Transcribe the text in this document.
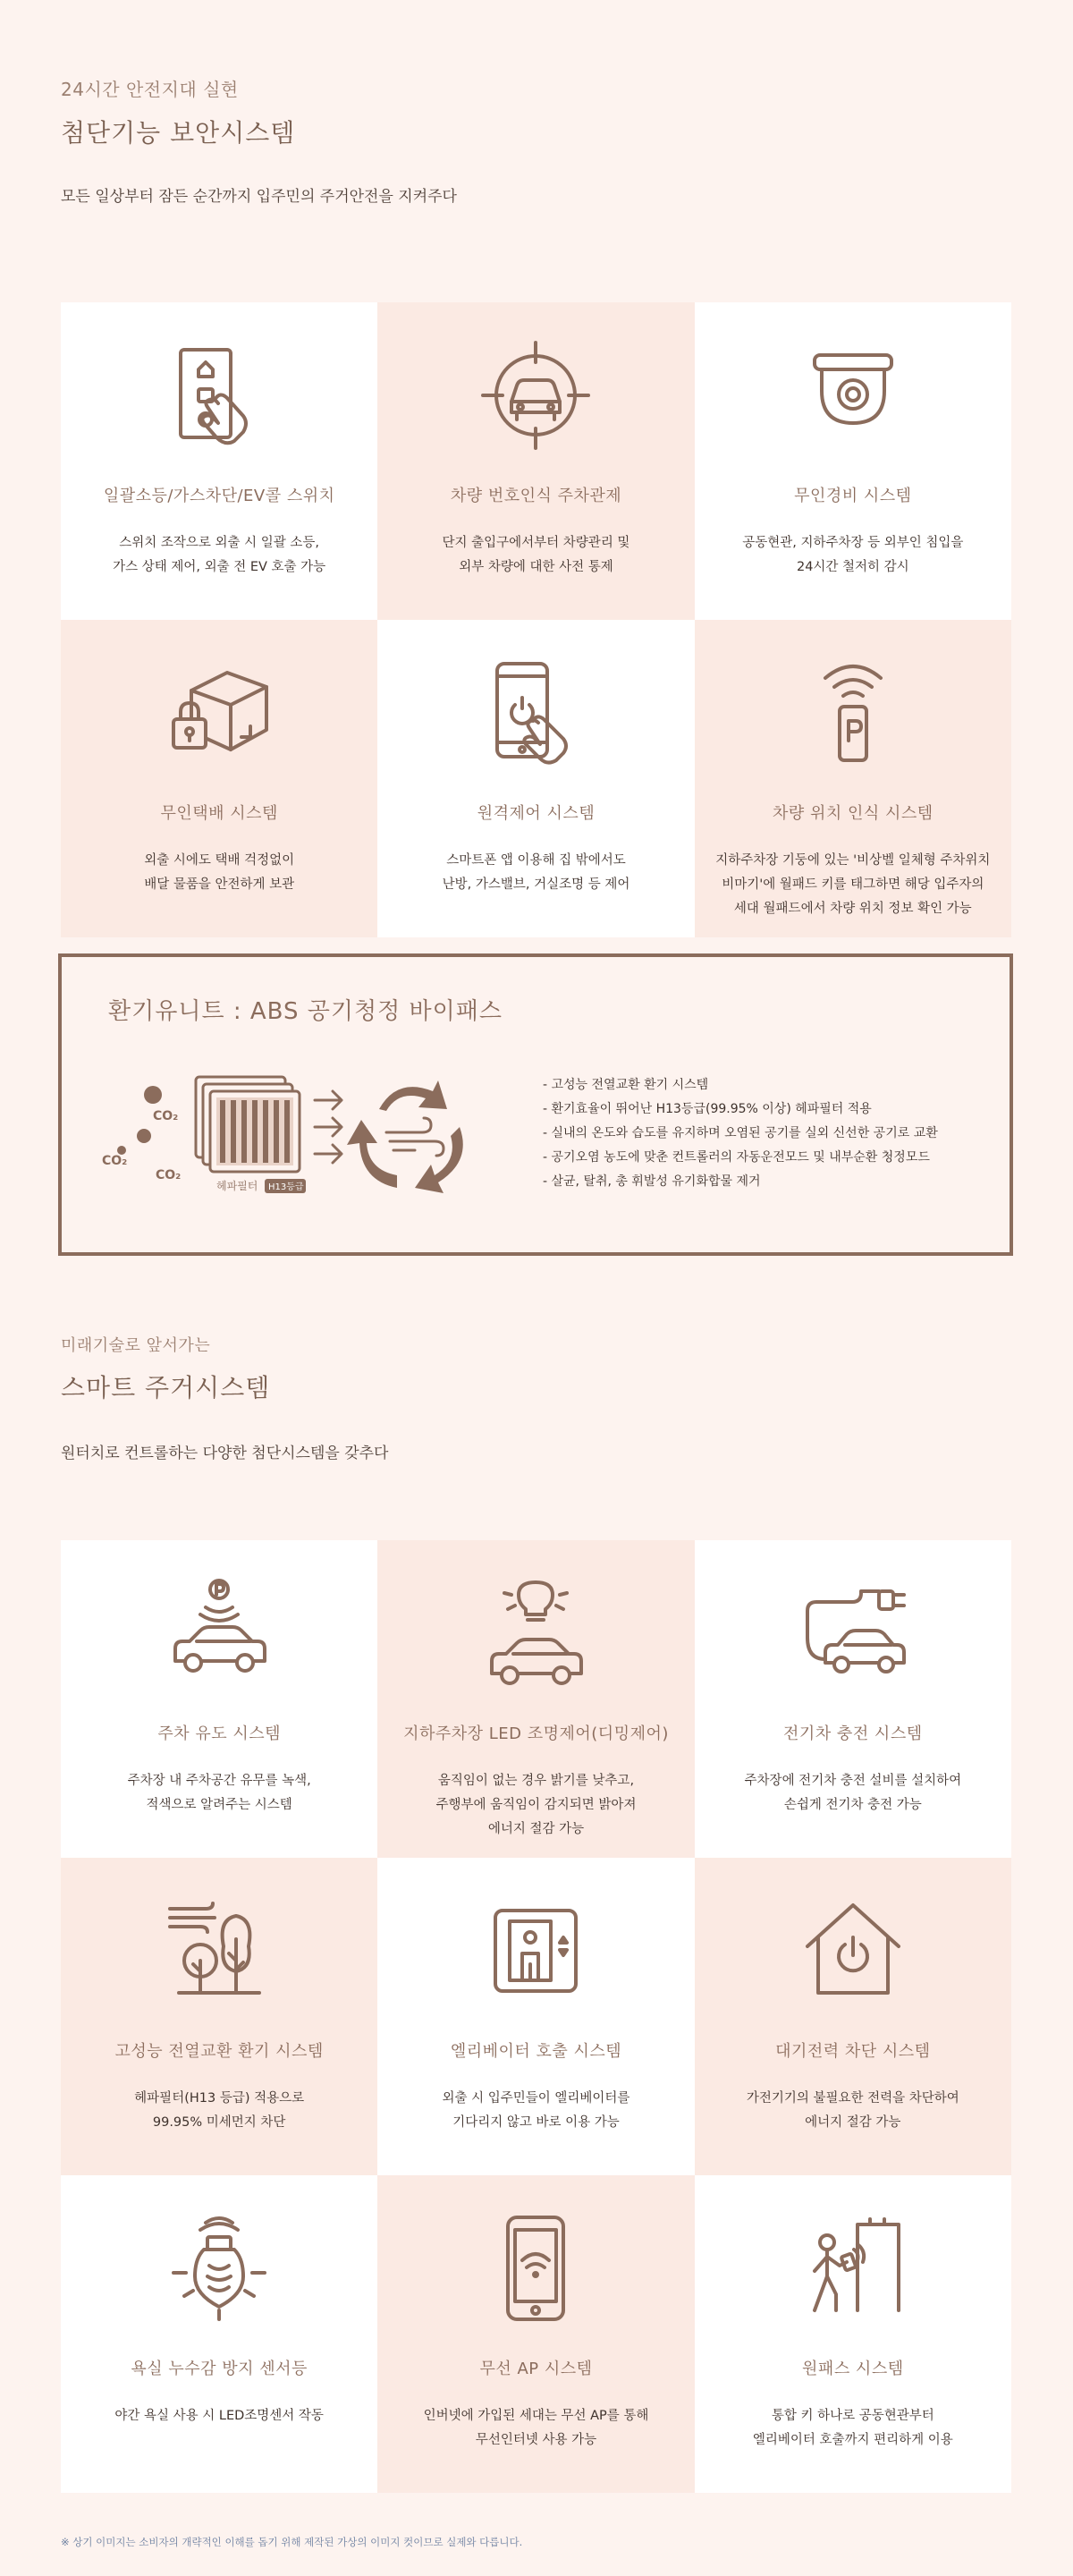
24시간 안전지대 실현
첨단기능 보안시스템
모든 일상부터 잠든 순간까지 입주민의 주거안전을 지켜주다
일괄소등/가스차단/EV콜 스위치
스위치 조작으로 외출 시 일괄 소등,
가스 상태 제어, 외출 전 EV 호출 가능
차량 번호인식 주차관제
단지 출입구에서부터 차량관리 및
외부 차량에 대한 사전 통제
무인경비 시스템
공동현관, 지하주차장 등 외부인 침입을
24시간 철저히 감시
무인택배 시스템
외출 시에도 택배 걱정없이
배달 물품을 안전하게 보관
원격제어 시스템
스마트폰 앱 이용해 집 밖에서도
난방, 가스밸브, 거실조명 등 제어
차량 위치 인식 시스템
지하주차장 기둥에 있는 '비상벨 일체형 주차위치
비마기'에 월패드 키를 태그하면 해당 입주자의
세대 월패드에서 차량 위치 정보 확인 가능
환기유니트 : ABS 공기청정 바이패스
CO₂
CO₂
CO₂
헤파필터 H13등급
- 고성능 전열교환 환기 시스템
- 환기효율이 뛰어난 H13등급(99.95% 이상) 헤파필터 적용
- 실내의 온도와 습도를 유지하며 오염된 공기를 실외 신선한 공기로 교환
- 공기오염 농도에 맞춘 컨트롤러의 자동운전모드 및 내부순환 청정모드
- 살균, 탈취, 총 휘발성 유기화합물 제거
미래기술로 앞서가는
스마트 주거시스템
원터치로 컨트롤하는 다양한 첨단시스템을 갖추다
주차 유도 시스템
주차장 내 주차공간 유무를 녹색,
적색으로 알려주는 시스템
지하주차장 LED 조명제어(디밍제어)
움직임이 없는 경우 밝기를 낮추고,
주행부에 움직임이 감지되면 밝아져
에너지 절감 가능
전기차 충전 시스템
주차장에 전기차 충전 설비를 설치하여
손쉽게 전기차 충전 가능
고성능 전열교환 환기 시스템
헤파필터(H13 등급) 적용으로
99.95% 미세먼지 차단
엘리베이터 호출 시스템
외출 시 입주민들이 엘리베이터를
기다리지 않고 바로 이용 가능
대기전력 차단 시스템
가전기기의 불필요한 전력을 차단하여
에너지 절감 가능
욕실 누수감 방지 센서등
야간 욕실 사용 시 LED조명센서 작동
무선 AP 시스템
인버넷에 가입된 세대는 무선 AP를 통해
무선인터넷 사용 가능
원패스 시스템
통합 키 하나로 공동현관부터
엘리베이터 호출까지 편리하게 이용
※ 상기 이미지는 소비자의 개략적인 이해를 돕기 위해 제작된 가상의 이미지 컷이므로 실제와 다릅니다.
